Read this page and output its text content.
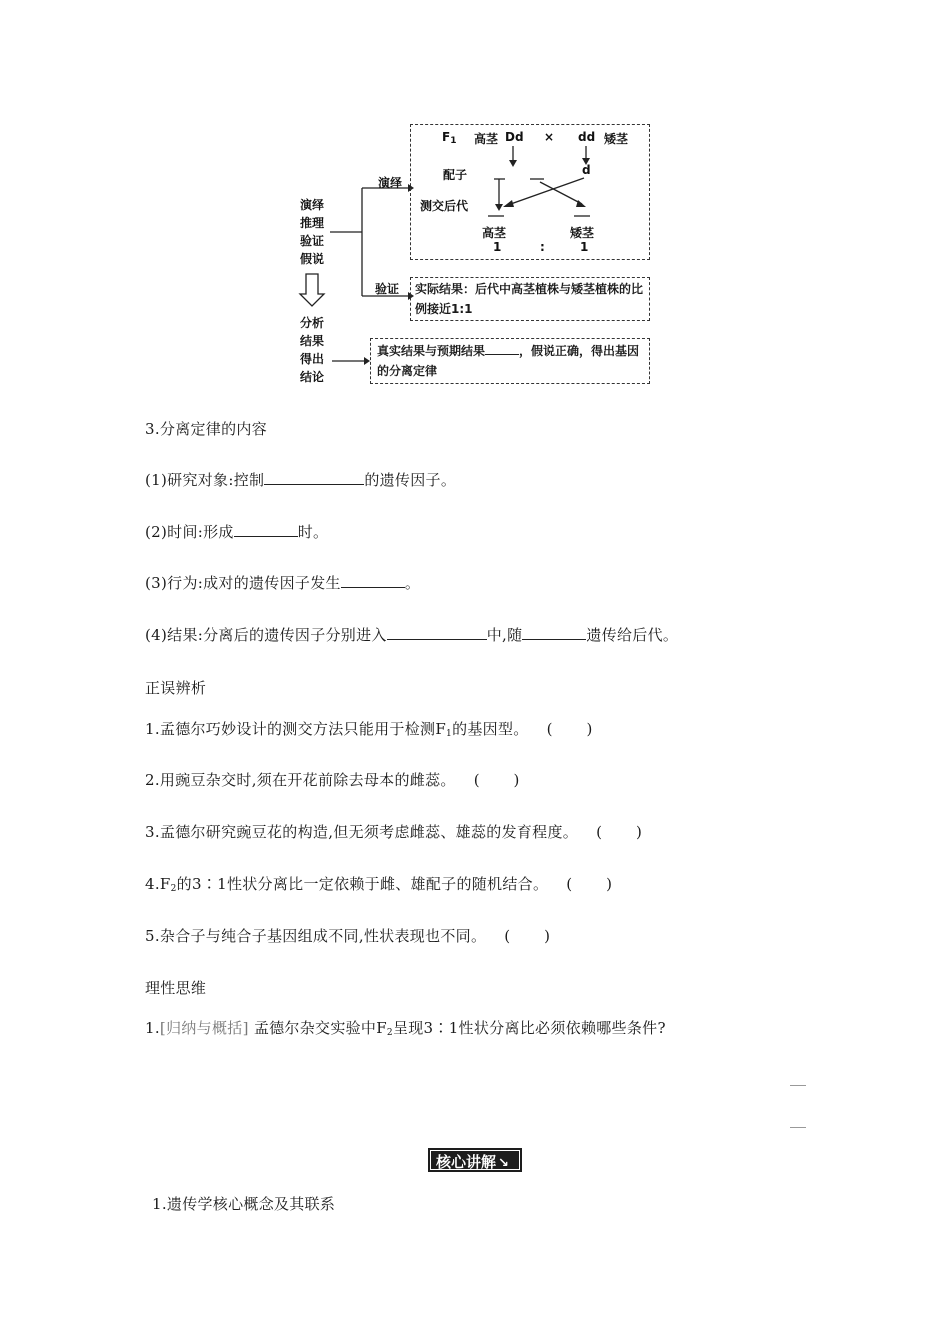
演绎
推理
验证
假说
分析
结果
得出
结论
演绎
验证
$F_1$ 高茎 Dd × dd 矮茎
配子	d
测交后代
高茎	矮茎
1	:	1
实际结果：后代中高茎植株与矮茎植株的比例接近1:1
真实结果与预期结果	，假说正确，得出基因的分离定律
3.分离定律的内容
(1)研究对象:控制	的遗传因子。
(2)时间:形成	时。
(3)行为:成对的遗传因子发生	。
(4)结果:分离后的遗传因子分别进入	中,随	遗传给后代。
正误辨析
1.孟德尔巧妙设计的测交方法只能用于检测$F_1$的基因型。 ( )
2.用豌豆杂交时,须在开花前除去母本的雌蕊。 ( )
3.孟德尔研究豌豆花的构造,但无须考虑雌蕊、雄蕊的发育程度。 ( )
$4.F_2$的3∶1性状分离比一定依赖于雌、雄配子的随机结合。 ( )
5.杂合子与纯合子基因组成不同,性状表现也不同。 ( )
理性思维
1.[归纳与概括] 孟德尔杂交实验中$F_2$呈现3∶1性状分离比必须依赖哪些条件?
核心讲解 ↘
1.遗传学核心概念及其联系
